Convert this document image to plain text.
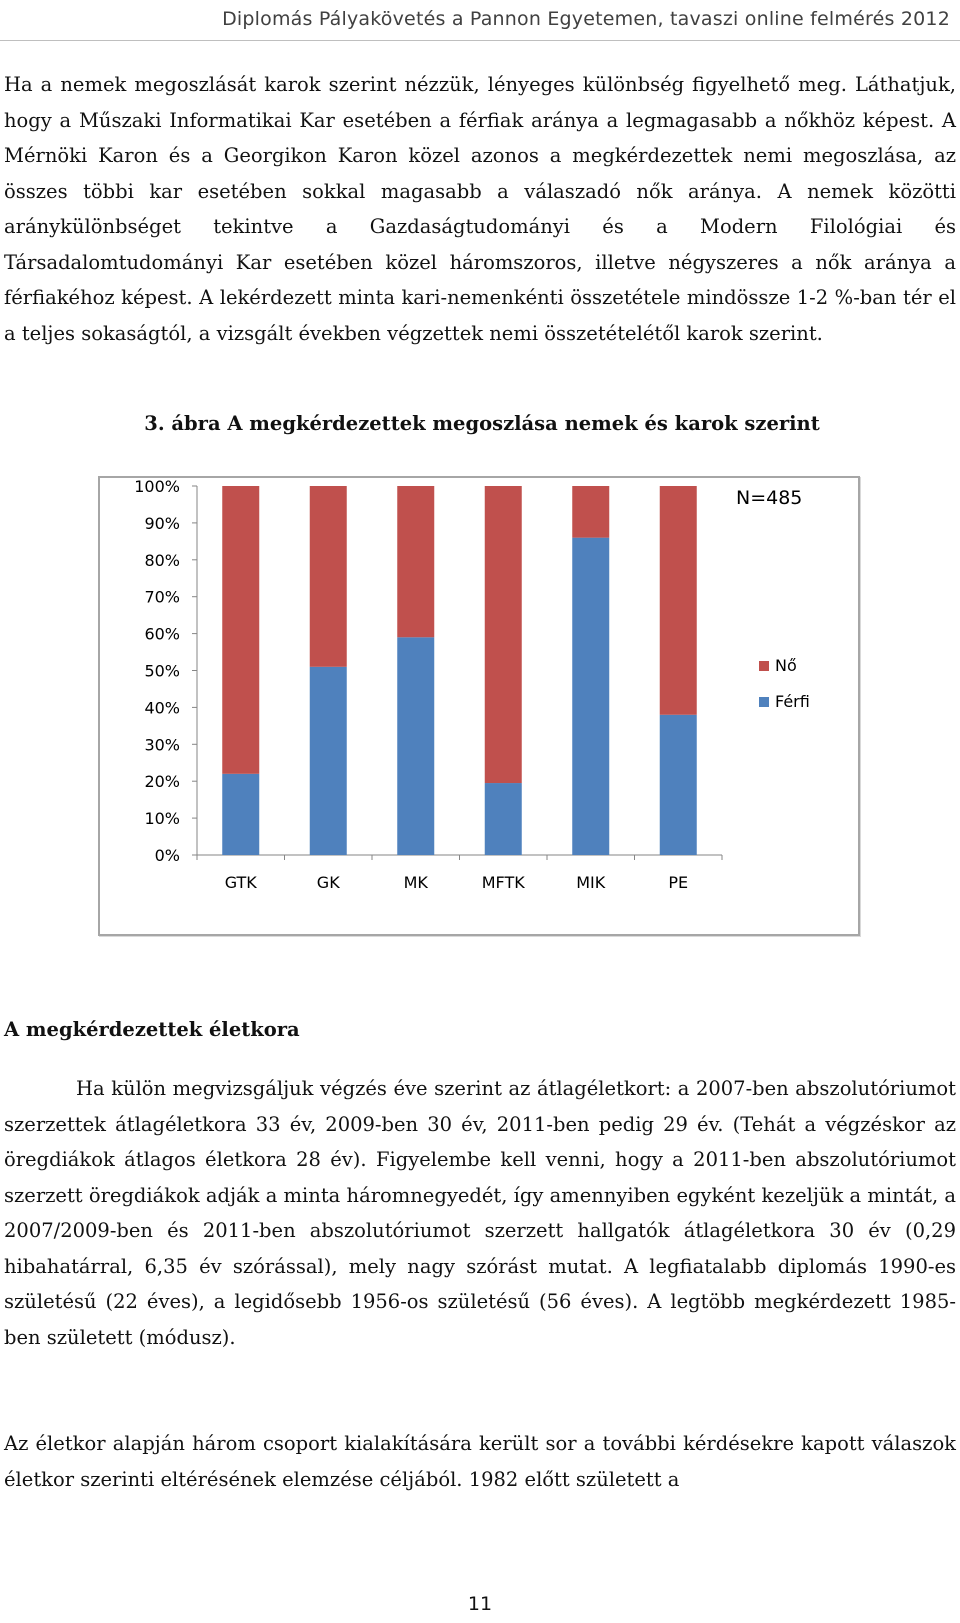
Diplomás Pályakövetés a Pannon Egyetemen, tavaszi online felmérés 2012

Ha a nemek megoszlását karok szerint nézzük, lényeges különbség figyelhető meg. Láthatjuk, hogy a Műszaki Informatikai Kar esetében a férfiak aránya a legmagasabb a nőkhöz képest. A Mérnöki Karon és a Georgikon Karon közel azonos a megkérdezettek nemi megoszlása, az összes többi kar esetében sokkal magasabb a válaszadó nők aránya. A nemek közötti aránykülönbséget tekintve a Gazdaságtudományi és a Modern Filológiai és Társadalomtudományi Kar esetében közel háromszoros, illetve négyszeres a nők aránya a férfiakéhoz képest. A lekérdezett minta kari-nemenkénti összetétele mindössze 1-2 %-ban tér el a teljes sokaságtól, a vizsgált években végzettek nemi összetételétől karok szerint.

3. ábra A megkérdezettek megoszlása nemek és karok szerint
0%
10%
20%
30%
40%
50%
60%
70%
80%
90%
100%
GTK	GK	MK	MFTK	MIK	PE
N=485
Nő
Férfi
A megkérdezettek életkora

Ha külön megvizsgáljuk végzés éve szerint az átlagéletkort: a 2007-ben abszolutóriumot szerzettek átlagéletkora 33 év, 2009-ben 30 év, 2011-ben pedig 29 év. (Tehát a végzéskor az öregdiákok átlagos életkora 28 év). Figyelembe kell venni, hogy a 2011-ben abszolutóriumot szerzett öregdiákok adják a minta háromnegyedét, így amennyiben egyként kezeljük a mintát, a 2007/2009-ben és 2011-ben abszolutóriumot szerzett hallgatók átlagéletkora 30 év (0,29 hibahatárral, 6,35 év szórással), mely nagy szórást mutat. A legfiatalabb diplomás 1990-es születésű (22 éves), a legidősebb 1956-os születésű (56 éves). A legtöbb megkérdezett 1985-ben született (módusz).

Az életkor alapján három csoport kialakítására került sor a további kérdésekre kapott válaszok életkor szerinti eltérésének elemzése céljából. 1982 előtt született a

11
